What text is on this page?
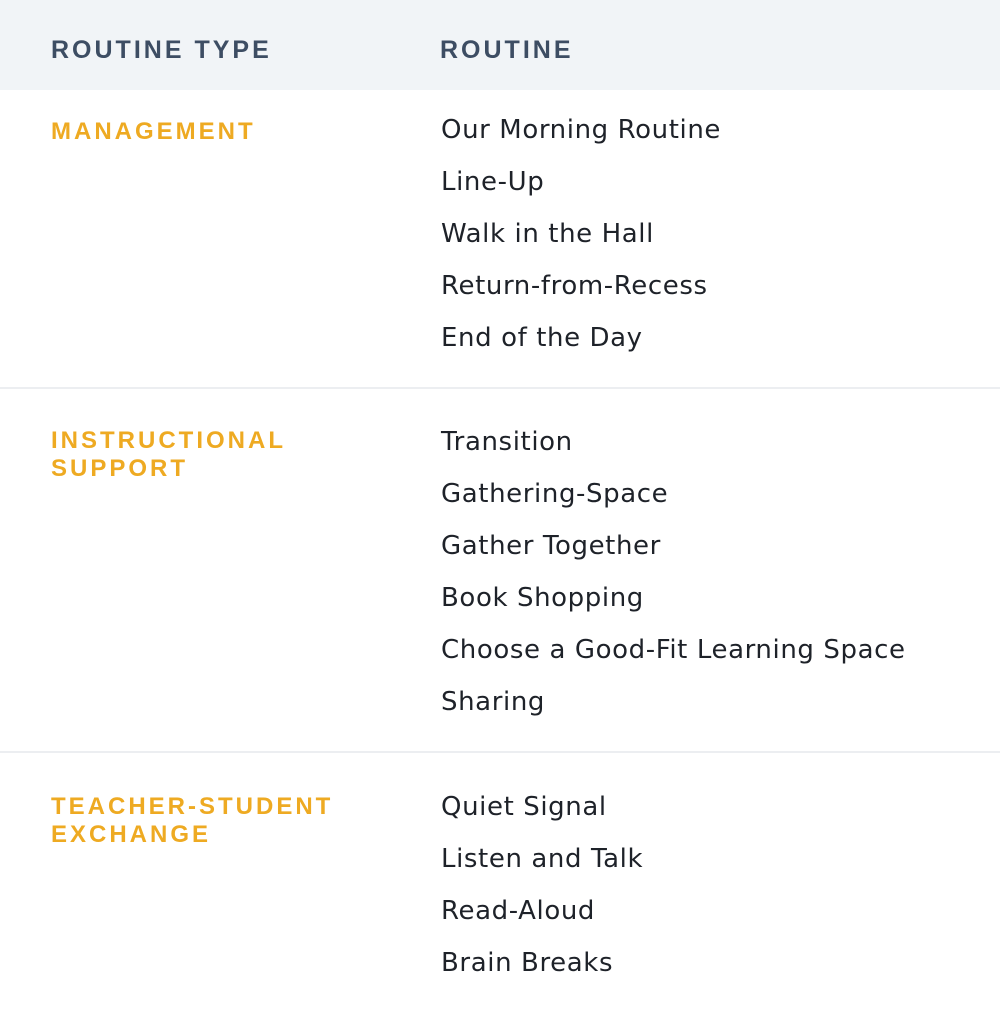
ROUTINE TYPE	ROUTINE
MANAGEMENT	Our Morning Routine
Line-Up
Walk in the Hall
Return-from-Recess
End of the Day
INSTRUCTIONAL
SUPPORT
Transition
Gathering-Space
Gather Together
Book Shopping
Choose a Good-Fit Learning Space
Sharing
TEACHER-STUDENT
EXCHANGE
Quiet Signal
Listen and Talk
Read-Aloud
Brain Breaks
